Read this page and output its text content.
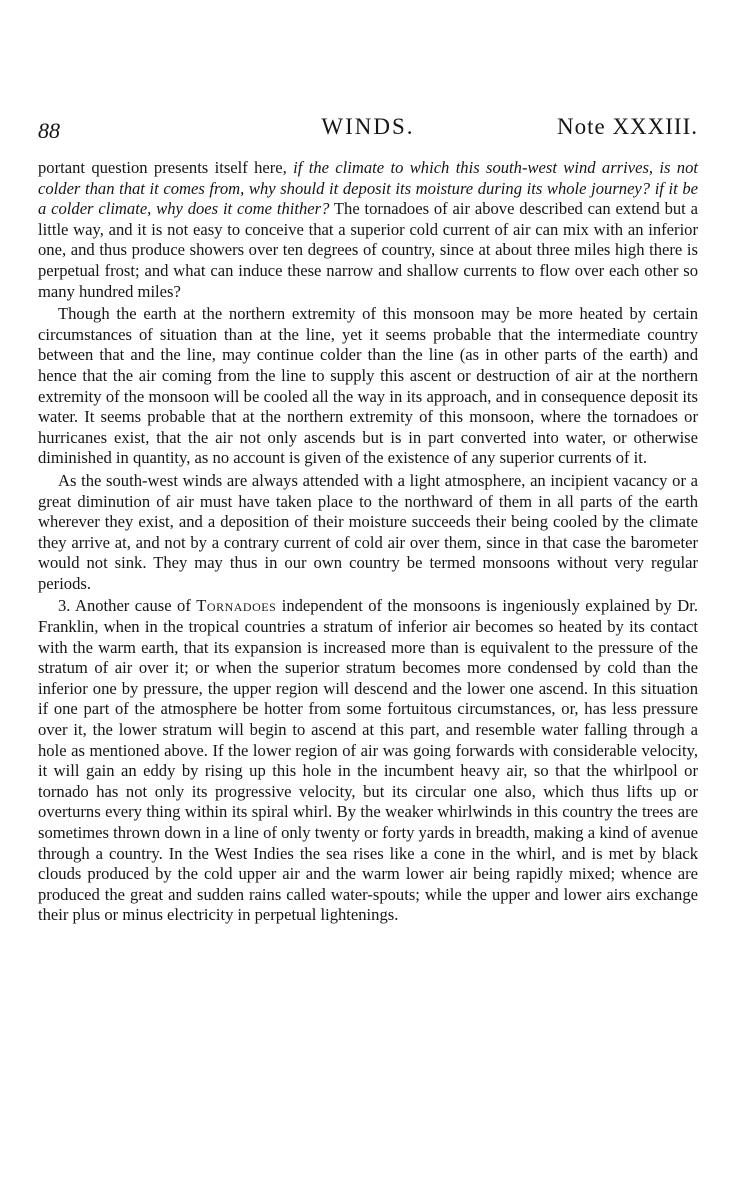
88	WINDS.	Note XXXIII.

portant question presents itself here, if the climate to which this south-west wind arrives, is not colder than that it comes from, why should it deposit its moisture during its whole journey? if it be a colder climate, why does it come thither? The tornadoes of air above described can extend but a little way, and it is not easy to conceive that a superior cold current of air can mix with an inferior one, and thus produce showers over ten degrees of country, since at about three miles high there is perpetual frost; and what can induce these narrow and shallow currents to flow over each other so many hundred miles?

Though the earth at the northern extremity of this monsoon may be more heated by certain circumstances of situation than at the line, yet it seems probable that the intermediate country between that and the line, may continue colder than the line (as in other parts of the earth) and hence that the air coming from the line to supply this ascent or destruction of air at the northern extremity of the monsoon will be cooled all the way in its approach, and in consequence deposit its water. It seems probable that at the northern extremity of this monsoon, where the tornadoes or hurricanes exist, that the air not only ascends but is in part converted into water, or otherwise diminished in quantity, as no account is given of the existence of any superior currents of it.

As the south-west winds are always attended with a light atmosphere, an incipient vacancy or a great diminution of air must have taken place to the northward of them in all parts of the earth wherever they exist, and a deposition of their moisture succeeds their being cooled by the climate they arrive at, and not by a contrary current of cold air over them, since in that case the barometer would not sink. They may thus in our own country be termed monsoons without very regular periods.

3. Another cause of Tornadoes independent of the monsoons is ingeniously explained by Dr. Franklin, when in the tropical countries a stratum of inferior air becomes so heated by its contact with the warm earth, that its expansion is increased more than is equivalent to the pressure of the stratum of air over it; or when the superior stratum becomes more condensed by cold than the inferior one by pressure, the upper region will descend and the lower one ascend. In this situation if one part of the atmosphere be hotter from some fortuitous circumstances, or, has less pressure over it, the lower stratum will begin to ascend at this part, and resemble water falling through a hole as mentioned above. If the lower region of air was going forwards with considerable velocity, it will gain an eddy by rising up this hole in the incumbent heavy air, so that the whirlpool or tornado has not only its progressive velocity, but its circular one also, which thus lifts up or overturns every thing within its spiral whirl. By the weaker whirlwinds in this country the trees are sometimes thrown down in a line of only twenty or forty yards in breadth, making a kind of avenue through a country. In the West Indies the sea rises like a cone in the whirl, and is met by black clouds produced by the cold upper air and the warm lower air being rapidly mixed; whence are produced the great and sudden rains called water-spouts; while the upper and lower airs exchange their plus or minus electricity in perpetual lightenings.
